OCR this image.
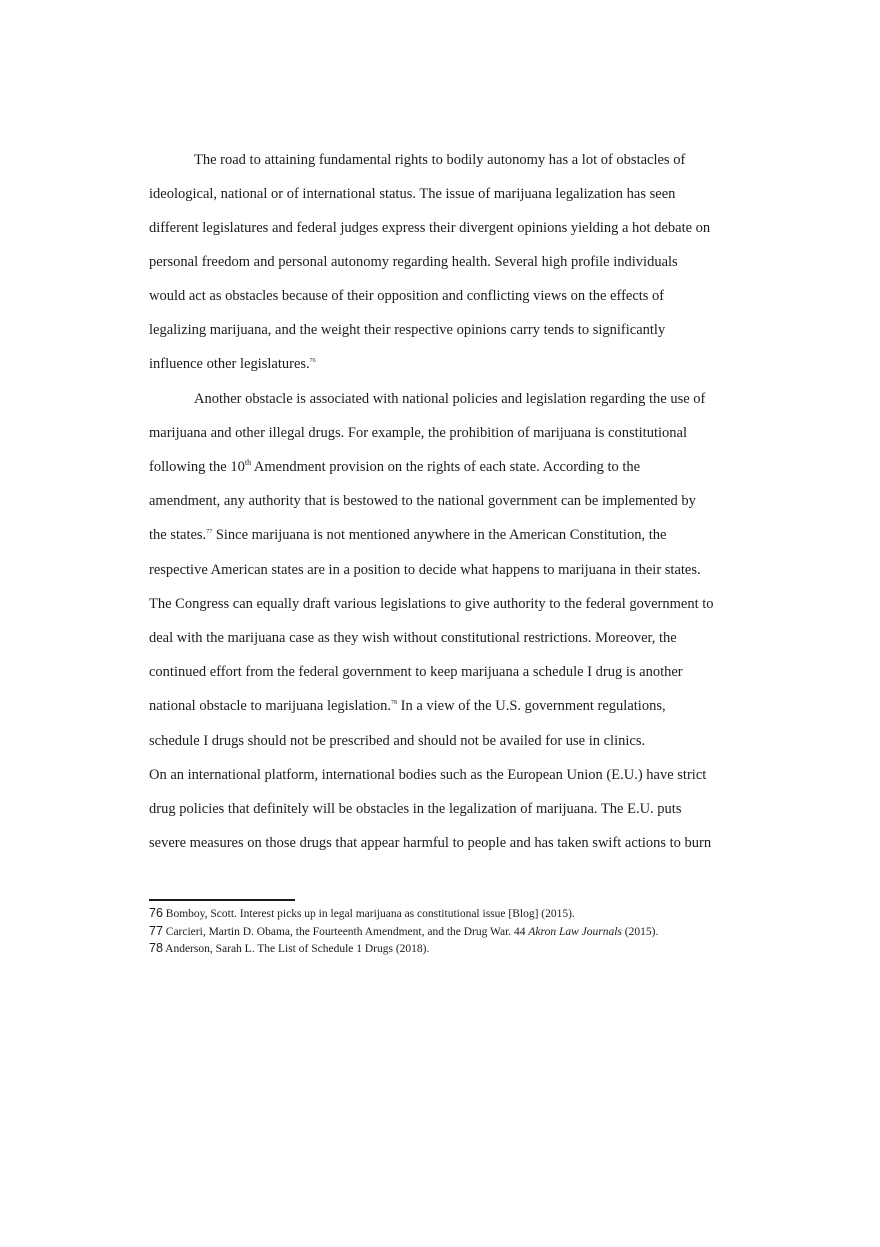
The road to attaining fundamental rights to bodily autonomy has a lot of obstacles of
ideological, national or of international status. The issue of marijuana legalization has seen
different legislatures and federal judges express their divergent opinions yielding a hot debate on
personal freedom and personal autonomy regarding health. Several high profile individuals
would act as obstacles because of their opposition and conflicting views on the effects of
legalizing marijuana, and the weight their respective opinions carry tends to significantly
influence other legislatures.$^{76}$
Another obstacle is associated with national policies and legislation regarding the use of
marijuana and other illegal drugs. For example, the prohibition of marijuana is constitutional
following the 10th Amendment provision on the rights of each state. According to the
amendment, any authority that is bestowed to the national government can be implemented by
the states.$^{77}$ Since marijuana is not mentioned anywhere in the American Constitution, the
respective American states are in a position to decide what happens to marijuana in their states.
The Congress can equally draft various legislations to give authority to the federal government to
deal with the marijuana case as they wish without constitutional restrictions. Moreover, the
continued effort from the federal government to keep marijuana a schedule I drug is another
national obstacle to marijuana legislation.$^{78}$ In a view of the U.S. government regulations,
schedule I drugs should not be prescribed and should not be availed for use in clinics.
On an international platform, international bodies such as the European Union (E.U.) have strict
drug policies that definitely will be obstacles in the legalization of marijuana. The E.U. puts
severe measures on those drugs that appear harmful to people and has taken swift actions to burn
76 Bomboy, Scott. Interest picks up in legal marijuana as constitutional issue [Blog] (2015).
77 Carcieri, Martin D. Obama, the Fourteenth Amendment, and the Drug War. 44 Akron Law Journals (2015).
78 Anderson, Sarah L. The List of Schedule 1 Drugs (2018).
